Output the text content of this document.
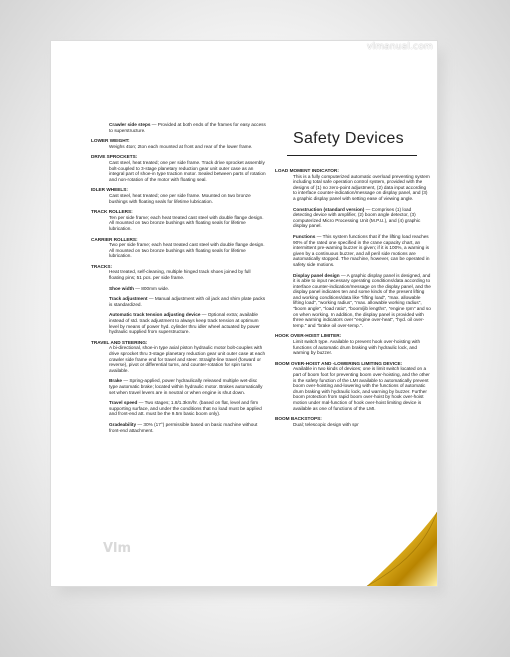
vlmanual.com
Safety Devices
Crawler side steps — Provided at both ends of the frames for easy access to superstructure.
LOWER WEIGHT:
Weighs 4ton; 2ton each mounted at front and rear of the lower frame.
DRIVE SPROCKETS:
Cast steel, heat treated; one per side frame. Track drive sprocket assembly bolt-coupled to 3-stage planetary reduction gear unit outer case as an integral part of shoe-in type traction motor. Sealed between parts of rotation and non-rotation of the motor with floating seal.
IDLER WHEELS:
Cast steel, heat treated; one per side frame. Mounted on two bronze bushings with floating seals for lifetime lubrication.
TRACK ROLLERS:
Ten per side frame; each heat treated cast steel with double flange design. All mounted on two bronze bushings with floating seals for lifetime lubrication.
CARRIER ROLLERS:
Two per side frame; each heat treated cast steel with double flange design. All mounted on two bronze bushings with floating seals for lifetime lubrication.
TRACKS:
Heat treated, self-cleaning, multiple hinged track shoes joined by full floating pins; 51 pcs. per side frame.
Shoe width — 800mm wide.
Track adjustment — Manual adjustment with oil jack and shim plate packs is standardized.
Automatic track tension adjusting device — Optional extra; available instead of std. track adjustment to always keep track tension at optimum level by means of power hyd. cylinder thru idler wheel actuated by power hydraulic supplied from superstructure.
TRAVEL AND STEERING:
A bi-directional, shoe-in type axial piston hydraulic motor bolt-couples with drive sprocket thru 3-stage planetary reduction gear unit outer case at each crawler side frame end for travel and steer. Straight-line travel (forward or reverse), pivot or differential turns, and counter-rotation for spin turns available.
Brake — Spring-applied, power hydraulically released multiple wet-disc type automatic brake; located within hydraulic motor. Brakes automatically set when travel levers are in neutral or when engine is shut down.
Travel speed — Two stages; 1.8/1.3km/hr. (based on flat, level and firm supporting surface, and under the conditions that no load must be applied and front-end att. must be the 9.5m basic boom only).
Gradeability — 30% (17°) permissible based on basic machine without front-end attachment.
LOAD MOMENT INDICATOR:
This is a fully computerized automatic overload preventing system including total safe operation control system, provided with the designs of (1) no zero-point adjustment, (2) data input according to interface counter-indication/message on display panel, and (3) a graphic display panel with setting ease of viewing angle.
Construction (standard version) — Comprises (1) load detecting device with amplifier, (2) boom angle detector, (3) computerized Micro Processing Unit (M.P.U.), and (4) graphic display panel.
Functions — This system functions that if the lifting load reaches 90% of the rated one specified in the crane capacity chart, an intermittent pre-warning buzzer is given; if it is 100%, a warning is given by a continuous buzzer, and all peril side motions are automatically stopped. The machine, however, can be operated in safety side motions.
Display panel design — A graphic display panel is designed, and it is able to input necessary operating conditions/data according to interface counter-indication/message on the display panel, and the display panel indicates ten and some kinds of the present lifting and working conditions/data like "lifting load", "max. allowable lifting load", "working radius", "max. allowable working radius", "boom angle", "load ratio", "boom/jib lengths", "engine rpm" and so on when working. In addition, the display panel is provided with three warning indicators over "engine over-heat", "hyd. oil over-temp." and "brake oil over-temp.".
HOOK OVER-HOIST LIMITER:
Limit switch type. Available to prevent hook over-hoisting with functions of automatic drum braking with hydraulic lock, and warning by buzzer.
BOOM OVER-HOIST AND -LOWERING LIMITING DEVICE:
Available in two kinds of devices; one is limit switch located on a part of boom foot for preventing boom over-hoisting, and the other is the safety function of the LMI available to automatically prevent boom over-hoisting and-lowering with the functions of automatic drum braking with hydraulic lock, and warning by buzzer. Further boom protection from rapid boom over-hoist by hook over-hoist motion under mal-function of hook over-hoist limiting device is available as one of functions of the LMI.
BOOM BACKSTOPS:
Dual; telescopic design with spr
Vlm
